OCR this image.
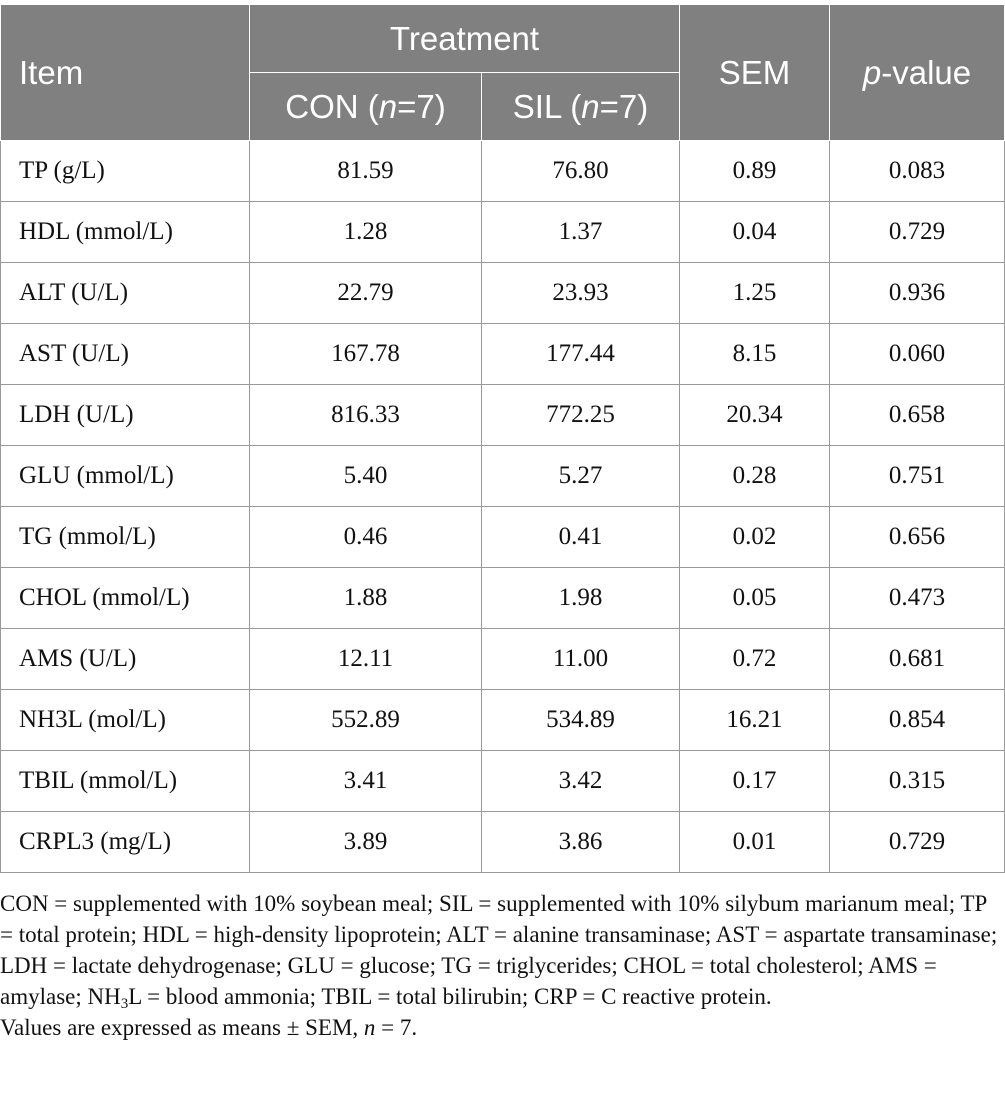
Item	Treatment		SEM	p-value
	CON (n=7)	SIL (n=7)		
TP (g/L)	81.59	76.80	0.89	0.083
HDL (mmol/L)	1.28	1.37	0.04	0.729
ALT (U/L)	22.79	23.93	1.25	0.936
AST (U/L)	167.78	177.44	8.15	0.060
LDH (U/L)	816.33	772.25	20.34	0.658
GLU (mmol/L)	5.40	5.27	0.28	0.751
TG (mmol/L)	0.46	0.41	0.02	0.656
CHOL (mmol/L)	1.88	1.98	0.05	0.473
AMS (U/L)	12.11	11.00	0.72	0.681
NH3L (mol/L)	552.89	534.89	16.21	0.854
TBIL (mmol/L)	3.41	3.42	0.17	0.315
CRPL3 (mg/L)	3.89	3.86	0.01	0.729

CON = supplemented with 10% soybean meal; SIL = supplemented with 10% silybum marianum meal; TP = total protein; HDL = high-density lipoprotein; ALT = alanine transaminase; AST = aspartate transaminase; LDH = lactate dehydrogenase; GLU = glucose; TG = triglycerides; CHOL = total cholesterol; AMS = amylase; $NH_3L$ = blood ammonia; TBIL = total bilirubin; CRP = C reactive protein.

Values are expressed as means ± SEM, n = 7.
